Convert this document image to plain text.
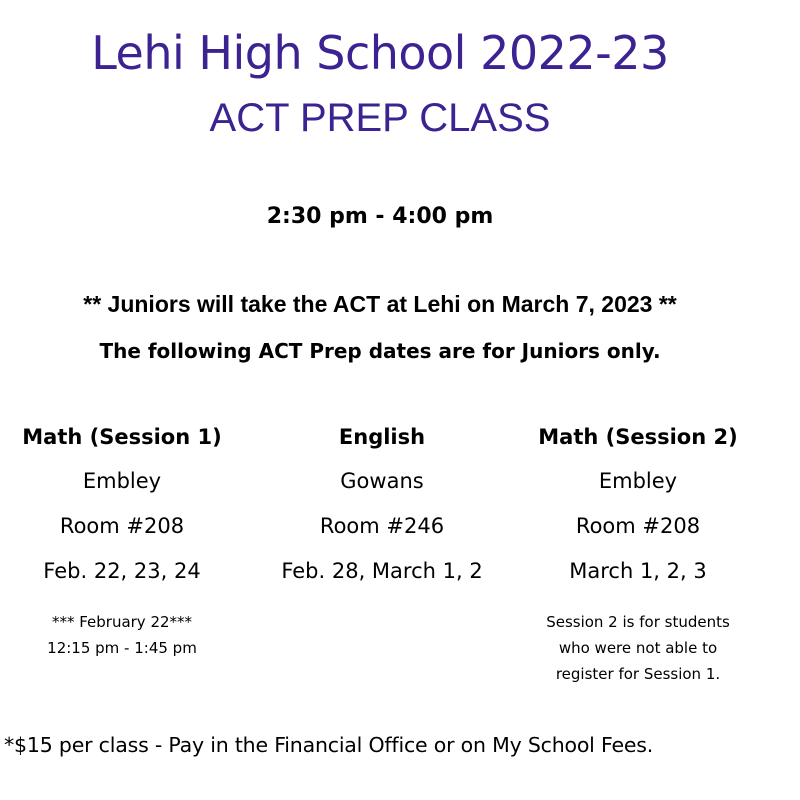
Lehi High School 2022-23
ACT PREP CLASS
2:30 pm - 4:00 pm
** Juniors will take the ACT at Lehi on March 7, 2023 **
The following ACT Prep dates are for Juniors only.
Math (Session 1)
Embley
Room #208
Feb. 22, 23, 24
*** February 22***
12:15 pm - 1:45 pm
English
Gowans
Room #246
Feb. 28, March 1, 2
Math (Session 2)
Embley
Room #208
March 1, 2, 3
Session 2 is for students
who were not able to
register for Session 1.
*$15 per class - Pay in the Financial Office or on My School Fees.
